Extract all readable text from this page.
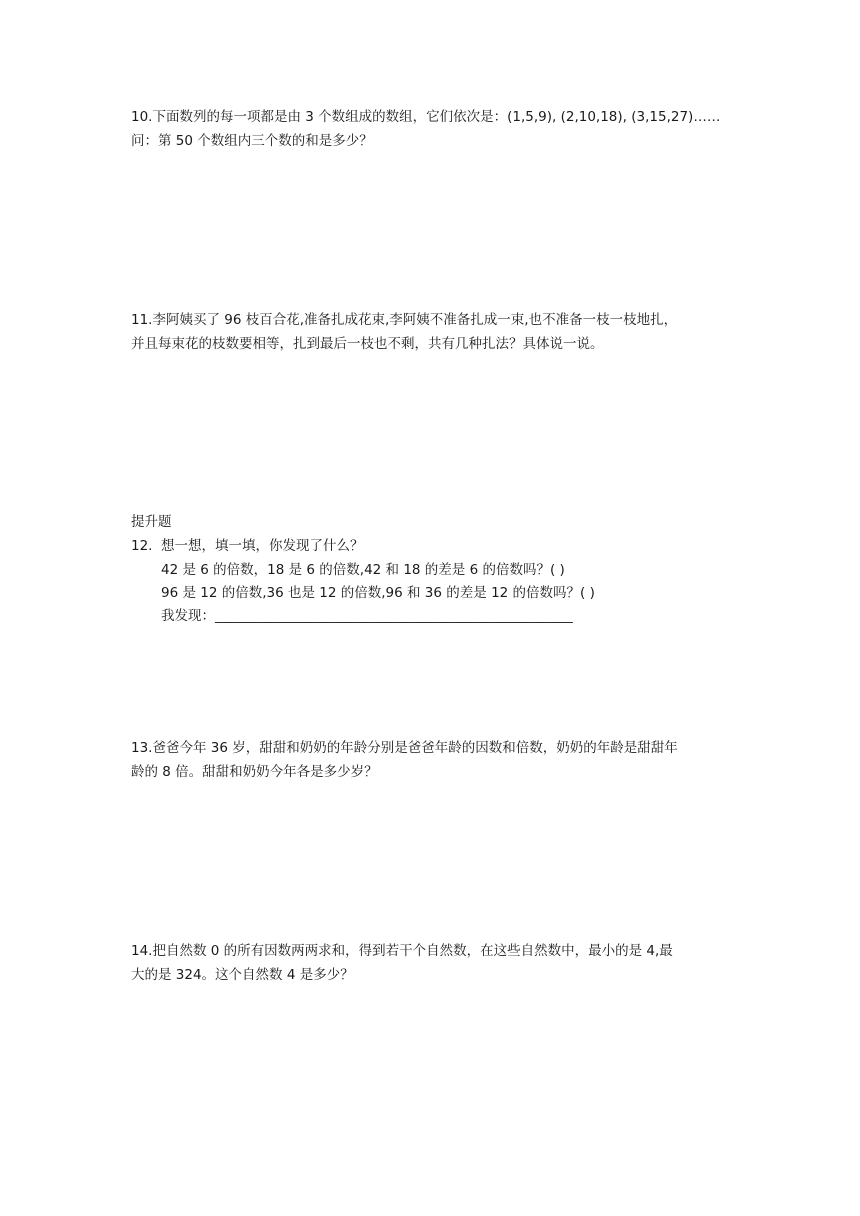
10.下面数列的每一项都是由 3 个数组成的数组，它们依次是：(1,5,9), (2,10,18), (3,15,27)……
问：第 50 个数组内三个数的和是多少？
11.李阿姨买了 96 枝百合花,准备扎成花束,李阿姨不准备扎成一束,也不准备一枝一枝地扎，
并且每束花的枝数要相等，扎到最后一枝也不剩，共有几种扎法？具体说一说。
提升题
12. 想一想，填一填，你发现了什么？
42 是 6 的倍数，18 是 6 的倍数,42 和 18 的差是 6 的倍数吗？( )
96 是 12 的倍数,36 也是 12 的倍数,96 和 36 的差是 12 的倍数吗？( )
我发现：_____________________________________________________
13.爸爸今年 36 岁，甜甜和奶奶的年龄分别是爸爸年龄的因数和倍数，奶奶的年龄是甜甜年
龄的 8 倍。甜甜和奶奶今年各是多少岁？
14.把自然数 0 的所有因数两两求和，得到若干个自然数，在这些自然数中，最小的是 4,最
大的是 324。这个自然数 4 是多少？
